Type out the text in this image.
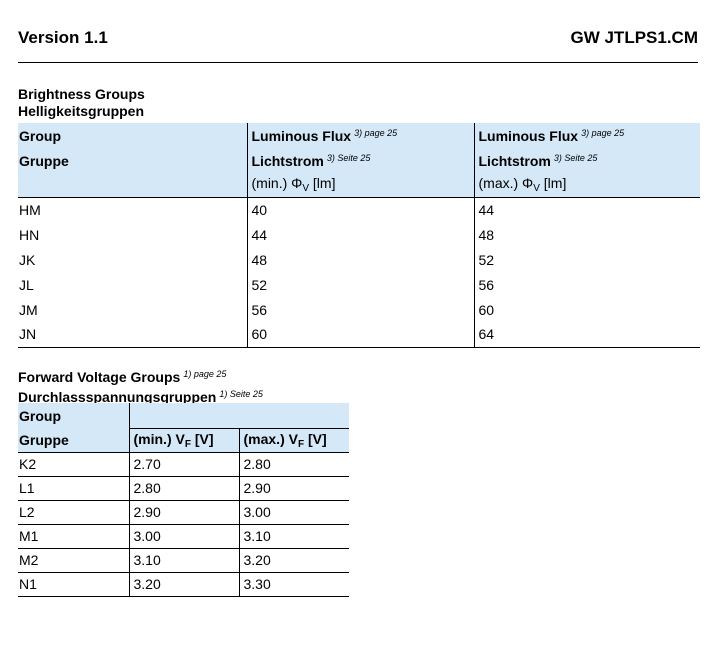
Version 1.1	GW JTLPS1.CM
Brightness Groups
Helligkeitsgruppen
Group	Luminous Flux $^{3) page 25}$	Luminous Flux $^{3) page 25}$
Gruppe	Lichtstrom $^{3) Seite 25}$	Lichtstrom $^{3) Seite 25}$
	(min.) $\Phi_V$ [lm]	(max.) $\Phi_V$ [lm]
HM	40	44
HN	44	48
JK	48	52
JL	52	56
JM	56	60
JN	60	64
Forward Voltage Groups $^{1) page 25}$
Durchlassspannungsgruppen $^{1) Seite 25}$
Group		
Gruppe	(min.) $V_F$ [V]	(max.) $V_F$ [V]
K2	2.70	2.80
L1	2.80	2.90
L2	2.90	3.00
M1	3.00	3.10
M2	3.10	3.20
N1	3.20	3.30
